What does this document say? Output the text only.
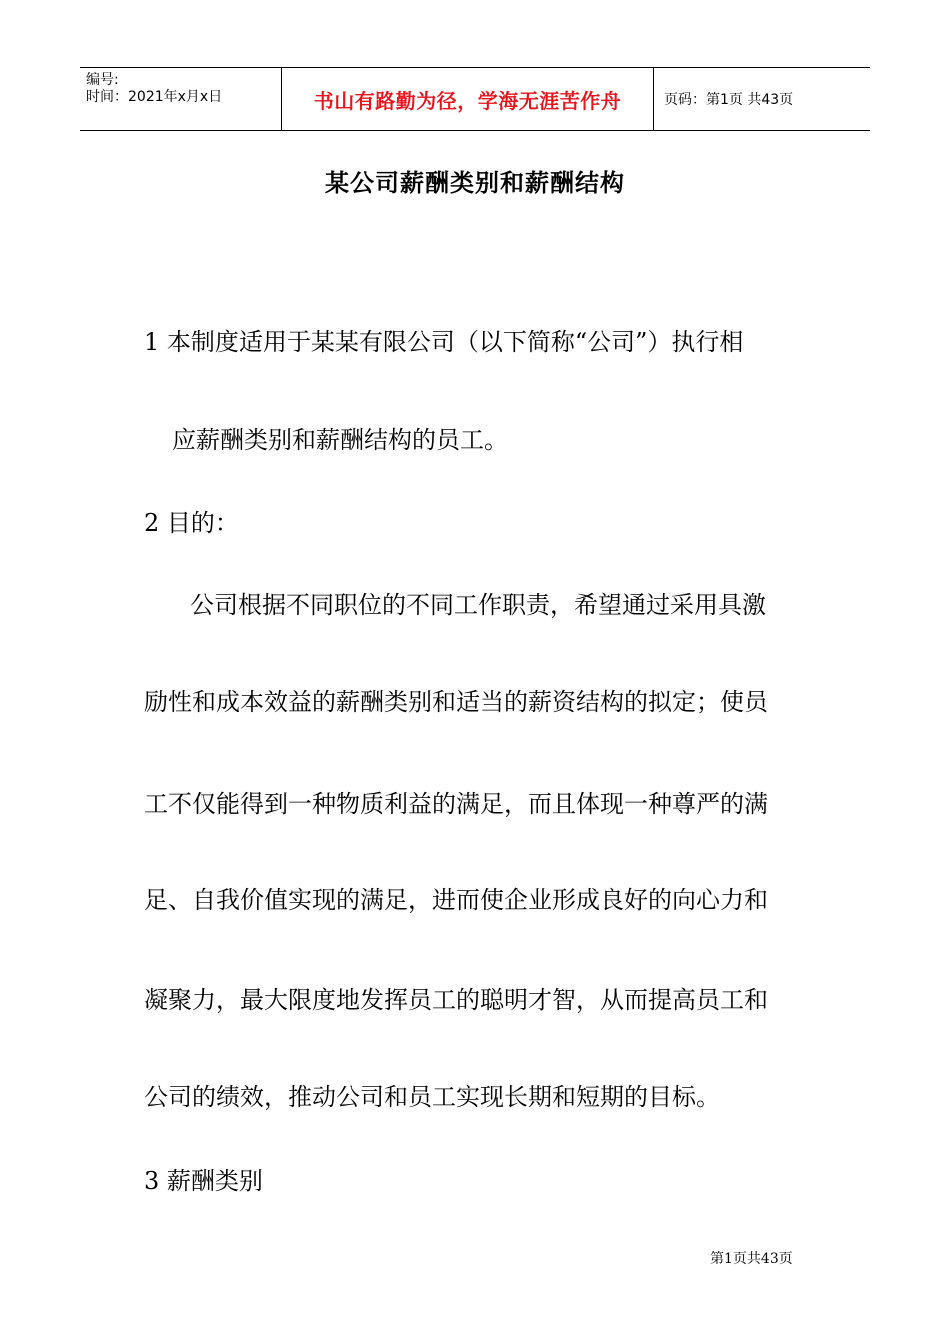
编号:
时间：2021年x月x日	书山有路勤为径，学海无涯苦作舟	页码：第1页 共43页
某公司薪酬类别和薪酬结构
1 本制度适用于某某有限公司（以下简称“公司”）执行相
应薪酬类别和薪酬结构的员工。
2 目的：
公司根据不同职位的不同工作职责，希望通过采用具激
励性和成本效益的薪酬类别和适当的薪资结构的拟定；使员
工不仅能得到一种物质利益的满足，而且体现一种尊严的满
足、自我价值实现的满足，进而使企业形成良好的向心力和
凝聚力，最大限度地发挥员工的聪明才智，从而提高员工和
公司的绩效，推动公司和员工实现长期和短期的目标。
3 薪酬类别
第1页共43页
